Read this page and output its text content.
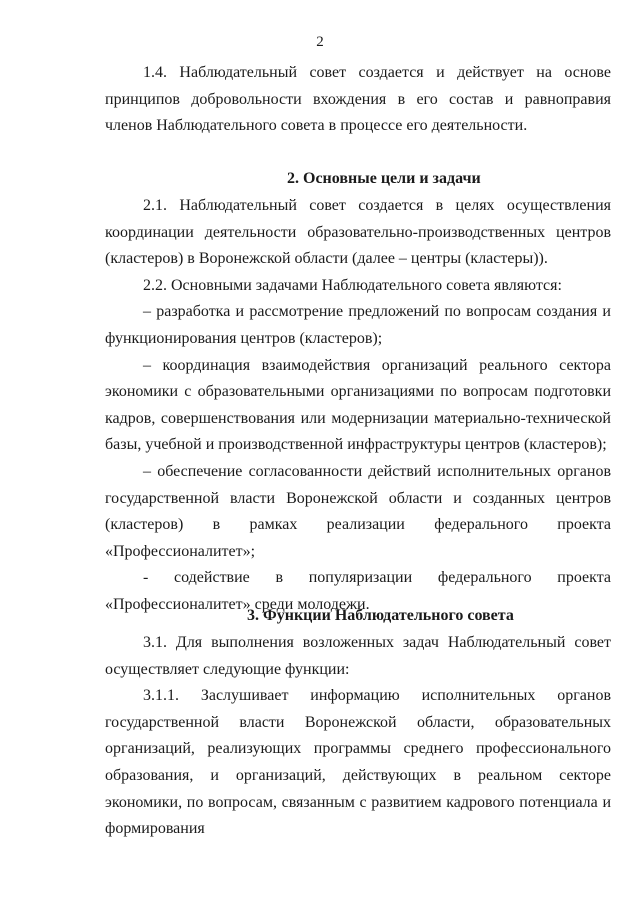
2

1.4. Наблюдательный совет создается и действует на основе принципов добровольности вхождения в его состав и равноправия членов Наблюдательного совета в процессе его деятельности.

2. Основные цели и задачи

2.1. Наблюдательный совет создается в целях осуществления координации деятельности образовательно-производственных центров (кластеров) в Воронежской области (далее – центры (кластеры)).

2.2. Основными задачами Наблюдательного совета являются:

– разработка и рассмотрение предложений по вопросам создания и функционирования центров (кластеров);

– координация взаимодействия организаций реального сектора экономики с образовательными организациями по вопросам подготовки кадров, совершенствования или модернизации материально-технической базы, учебной и производственной инфраструктуры центров (кластеров);

– обеспечение согласованности действий исполнительных органов государственной власти Воронежской области и созданных центров (кластеров) в рамках реализации федерального проекта «Профессионалитет»;

- содействие в популяризации федерального проекта «Профессионалитет» среди молодежи.

3. Функции Наблюдательного совета

3.1. Для выполнения возложенных задач Наблюдательный совет осуществляет следующие функции:

3.1.1. Заслушивает информацию исполнительных органов государственной власти Воронежской области, образовательных организаций, реализующих программы среднего профессионального образования, и организаций, действующих в реальном секторе экономики, по вопросам, связанным с развитием кадрового потенциала и формирования
